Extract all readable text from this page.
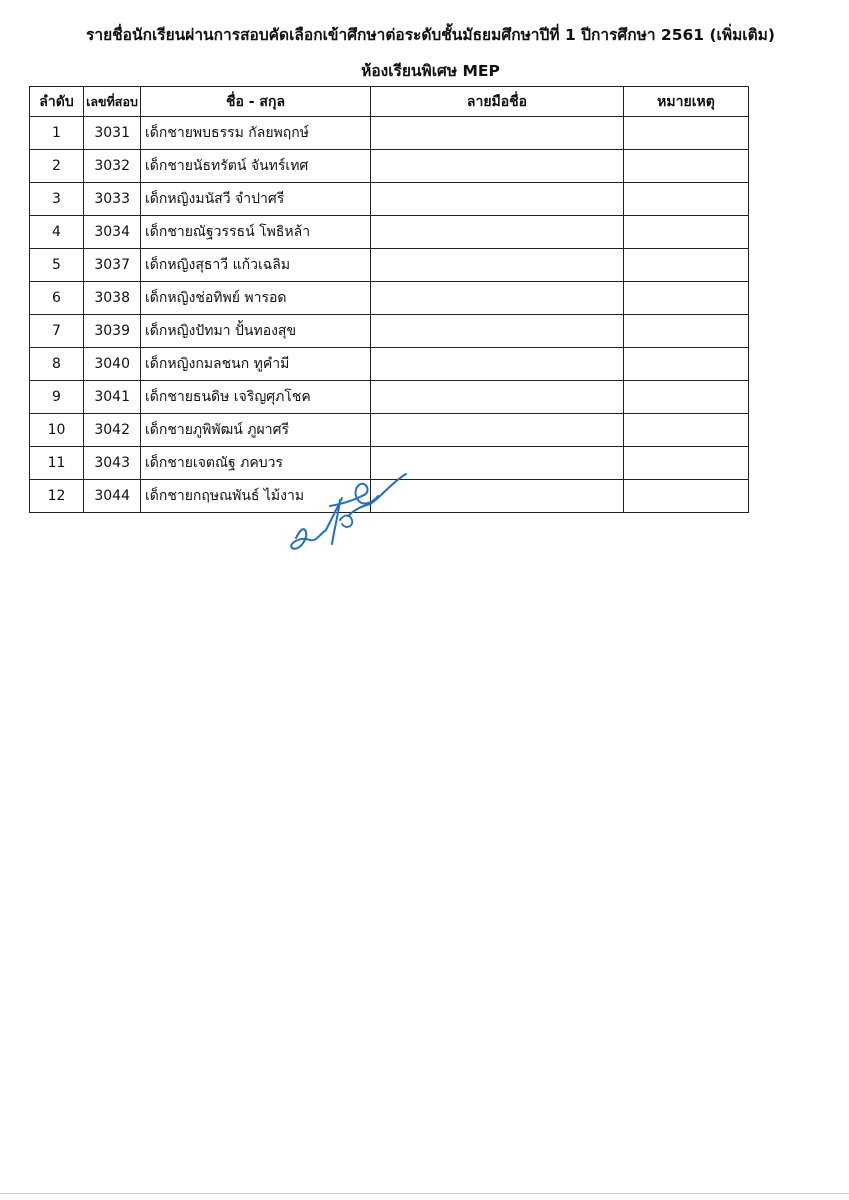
รายชื่อนักเรียนผ่านการสอบคัดเลือกเข้าศึกษาต่อระดับชั้นมัธยมศึกษาปีที่ 1 ปีการศึกษา 2561 (เพิ่มเติม)
ห้องเรียนพิเศษ MEP
ลำดับ	เลขที่สอบ	ชื่อ - สกุล	ลายมือชื่อ	หมายเหตุ
1	3031	เด็กชายพบธรรม กัลยพฤกษ์		
2	3032	เด็กชายนัธทรัตน์ จันทร์เทศ		
3	3033	เด็กหญิงมนัสวี จำปาศรี		
4	3034	เด็กชายณัฐวรรธน์ โพธิหล้า		
5	3037	เด็กหญิงสุธาวี แก้วเฉลิม		
6	3038	เด็กหญิงช่อทิพย์ พารอด		
7	3039	เด็กหญิงปัทมา ปั้นทองสุข		
8	3040	เด็กหญิงกมลชนก ทูคำมี		
9	3041	เด็กชายธนดิษ เจริญศุภโชค		
10	3042	เด็กชายภูพิพัฒน์ ภูผาศรี		
11	3043	เด็กชายเจตณัฐ ภคบวร		
12	3044	เด็กชายกฤษณพันธ์ ไม้งาม		
